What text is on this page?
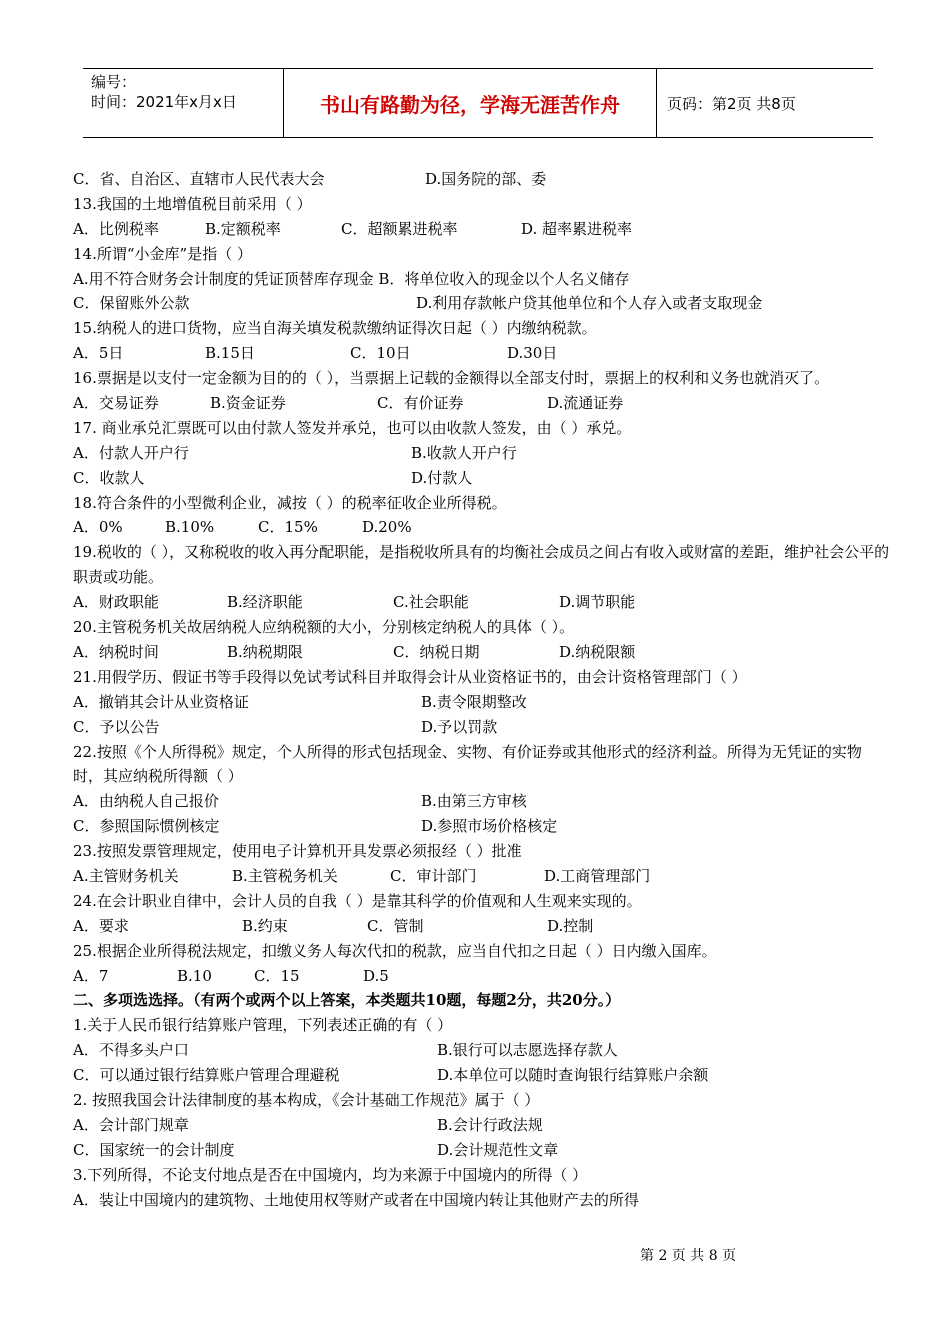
编号：
时间：2021年x月x日	书山有路勤为径，学海无涯苦作舟	页码：第2页 共8页
C．省、自治区、直辖市人民代表大会	D.国务院的部、委
13.我国的土地增值税目前采用（ ）
A．比例税率	B.定额税率	C．超额累进税率	D. 超率累进税率
14.所谓“小金库”是指（ ）
A.用不符合财务会计制度的凭证顶替库存现金 B．将单位收入的现金以个人名义储存
C．保留账外公款	D.利用存款帐户贷其他单位和个人存入或者支取现金
15.纳税人的进口货物，应当自海关填发税款缴纳证得次日起（ ）内缴纳税款。
A．5日	B.15日	C．10日	D.30日
16.票据是以支付一定金额为目的的（ ），当票据上记载的金额得以全部支付时，票据上的权利和义务也就消灭了。
A．交易证券	B.资金证券	C．有价证券	D.流通证券
17. 商业承兑汇票既可以由付款人签发并承兑，也可以由收款人签发，由（ ）承兑。
A．付款人开户行	B.收款人开户行
C．收款人	D.付款人
18.符合条件的小型微利企业，减按（ ）的税率征收企业所得税。
A．0%	B.10%	C．15%	D.20%
19.税收的（ ），又称税收的收入再分配职能，是指税收所具有的均衡社会成员之间占有收入或财富的差距，维护社会公平的职责或功能。
A．财政职能	B.经济职能	C.社会职能	D.调节职能
20.主管税务机关故居纳税人应纳税额的大小，分别核定纳税人的具体（ ）。
A．纳税时间	B.纳税期限	C．纳税日期	D.纳税限额
21.用假学历、假证书等手段得以免试考试科目并取得会计从业资格证书的，由会计资格管理部门（ ）
A．撤销其会计从业资格证	B.责令限期整改
C．予以公告	D.予以罚款
22.按照《个人所得税》规定，个人所得的形式包括现金、实物、有价证券或其他形式的经济利益。所得为无凭证的实物时，其应纳税所得额（ ）
A．由纳税人自己报价	B.由第三方审核
C．参照国际惯例核定	D.参照市场价格核定
23.按照发票管理规定，使用电子计算机开具发票必须报经（ ）批准
A.主管财务机关	B.主管税务机关	C．审计部门	D.工商管理部门
24.在会计职业自律中，会计人员的自我（ ）是靠其科学的价值观和人生观来实现的。
A．要求	B.约束	C．管制	D.控制
25.根据企业所得税法规定，扣缴义务人每次代扣的税款，应当自代扣之日起（ ）日内缴入国库。
A．7	B.10	C．15	D.5
二、多项选选择。（有两个或两个以上答案，本类题共10题，每题2分，共20分。）
1.关于人民币银行结算账户管理，下列表述正确的有（ ）
A．不得多头户口	B.银行可以志愿选择存款人
C．可以通过银行结算账户管理合理避税	D.本单位可以随时查询银行结算账户余额
2. 按照我国会计法律制度的基本构成，《会计基础工作规范》属于（ ）
A．会计部门规章	B.会计行政法规
C．国家统一的会计制度	D.会计规范性文章
3.下列所得，不论支付地点是否在中国境内，均为来源于中国境内的所得（ ）
A．装让中国境内的建筑物、土地使用权等财产或者在中国境内转让其他财产去的所得
第 2 页 共 8 页
